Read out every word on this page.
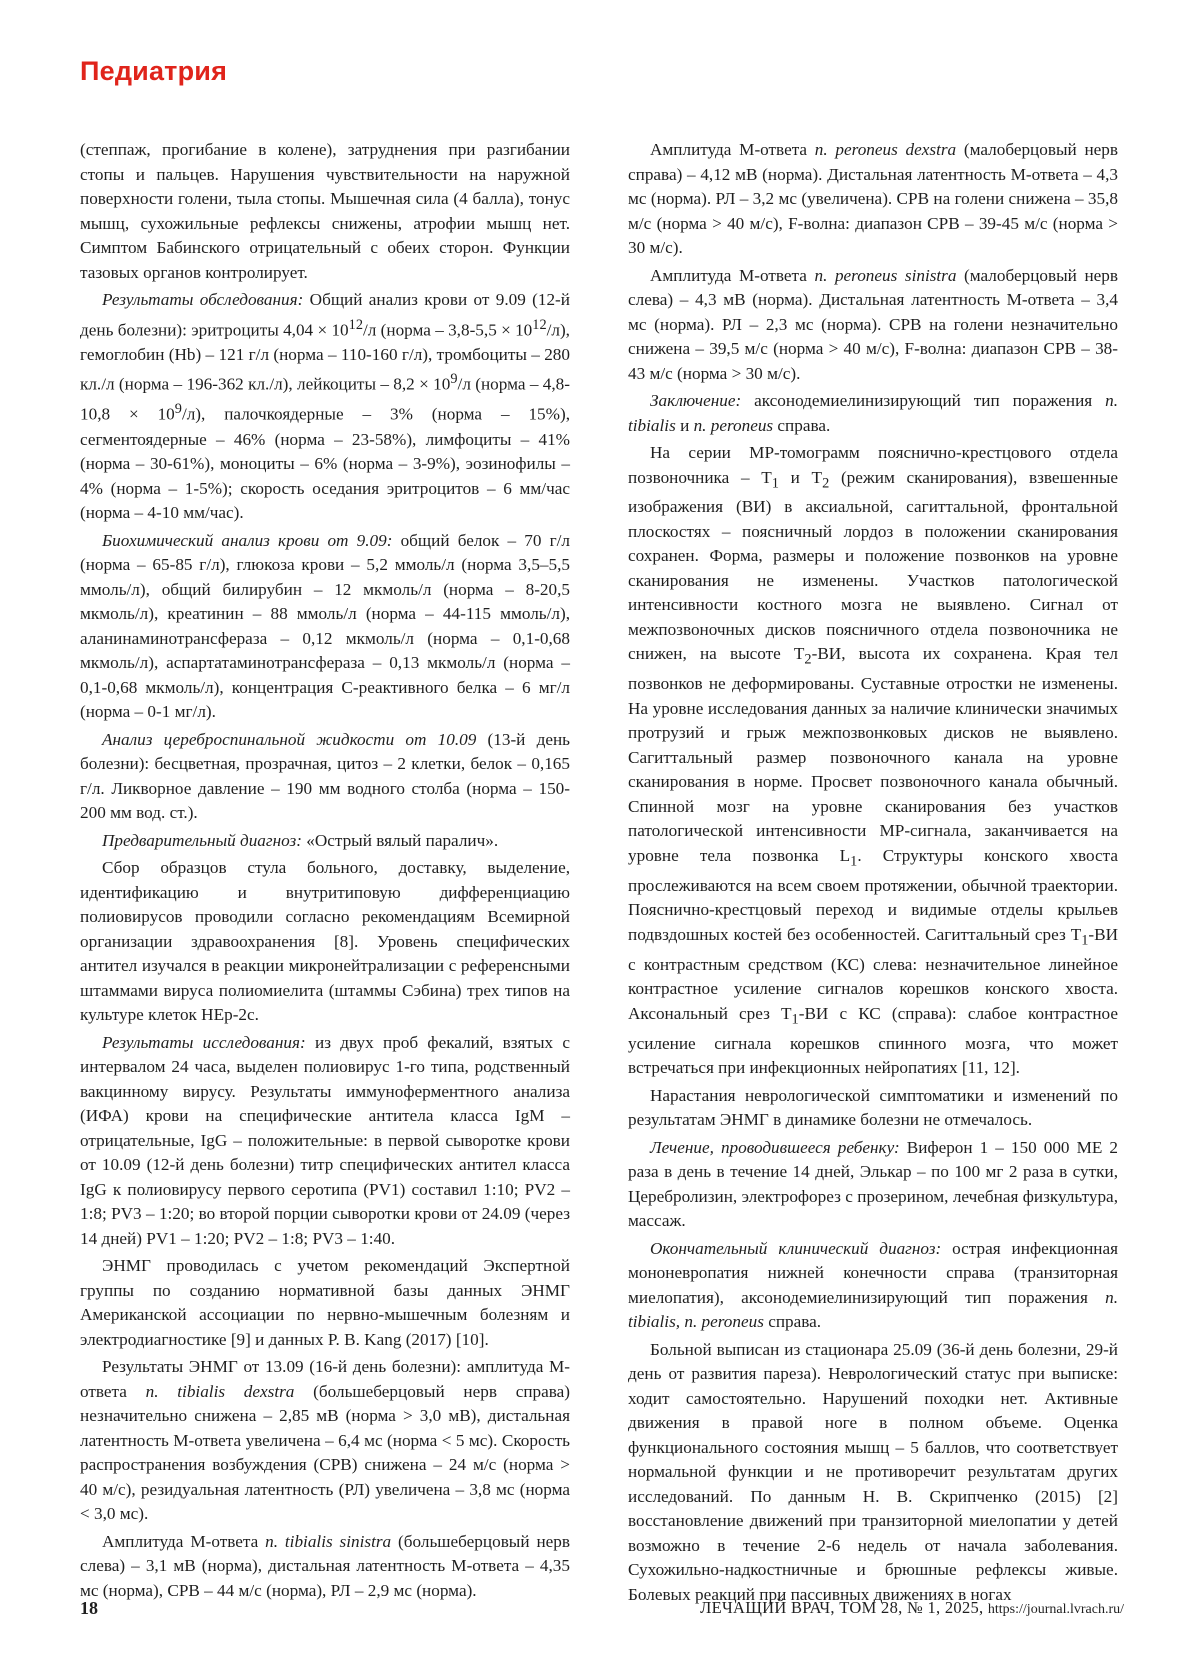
Педиатрия

(степпаж, прогибание в колене), затруднения при разгибании стопы и пальцев. Нарушения чувствительности на наружной поверхности голени, тыла стопы. Мышечная сила (4 балла), тонус мышц, сухожильные рефлексы снижены, атрофии мышц нет. Симптом Бабинского отрицательный с обеих сторон. Функции тазовых органов контролирует.

Результаты обследования: Общий анализ крови от 9.09 (12-й день болезни): эритроциты $4,04 \times 10^{12}/л$ (норма – $3,8-5,5 \times 10^{12}/л$), гемоглобин (Hb) – 121 г/л (норма – 110-160 г/л), тромбоциты – 280 кл./л (норма – 196-362 кл./л), лейкоциты – $8,2 \times 10^9/л$ (норма – $4,8-10,8 \times 10^9/л$), палочкоядерные – 3% (норма – 15%), сегментоядерные – 46% (норма – 23-58%), лимфоциты – 41% (норма – 30-61%), моноциты – 6% (норма – 3-9%), эозинофилы – 4% (норма – 1-5%); скорость оседания эритроцитов – 6 мм/час (норма – 4-10 мм/час).

Биохимический анализ крови от 9.09: общий белок – 70 г/л (норма – 65-85 г/л), глюкоза крови – 5,2 ммоль/л (норма 3,5–5,5 ммоль/л), общий билирубин – 12 мкмоль/л (норма – 8-20,5 мкмоль/л), креатинин – 88 ммоль/л (норма – 44-115 ммоль/л), аланинаминотрансфераза – 0,12 мкмоль/л (норма – 0,1-0,68 мкмоль/л), аспартатаминотрансфераза – 0,13 мкмоль/л (норма – 0,1-0,68 мкмоль/л), концентрация С-реактивного белка – 6 мг/л (норма – 0-1 мг/л).

Анализ цереброспинальной жидкости от 10.09 (13-й день болезни): бесцветная, прозрачная, цитоз – 2 клетки, белок – 0,165 г/л. Ликворное давление – 190 мм водного столба (норма – 150-200 мм вод. ст.).

Предварительный диагноз: «Острый вялый паралич».

Сбор образцов стула больного, доставку, выделение, идентификацию и внутритиповую дифференциацию полиовирусов проводили согласно рекомендациям Всемирной организации здравоохранения [8]. Уровень специфических антител изучался в реакции микронейтрализации с референсными штаммами вируса полиомиелита (штаммы Сэбина) трех типов на культуре клеток НЕр-2с.

Результаты исследования: из двух проб фекалий, взятых с интервалом 24 часа, выделен полиовирус 1-го типа, родственный вакцинному вирусу. Результаты иммуноферментного анализа (ИФА) крови на специфические антитела класса IgM – отрицательные, IgG – положительные: в первой сыворотке крови от 10.09 (12-й день болезни) титр специфических антител класса IgG к полиовирусу первого серотипа (PV1) составил 1:10; PV2 – 1:8; PV3 – 1:20; во второй порции сыворотки крови от 24.09 (через 14 дней) PV1 – 1:20; PV2 – 1:8; PV3 – 1:40.

ЭНМГ проводилась с учетом рекомендаций Экспертной группы по созданию нормативной базы данных ЭНМГ Американской ассоциации по нервно-мышечным болезням и электродиагностике [9] и данных P. B. Kang (2017) [10].

Результаты ЭНМГ от 13.09 (16-й день болезни): амплитуда М-ответа n. tibialis dexstra (большеберцовый нерв справа) незначительно снижена – 2,85 мВ (норма > 3,0 мВ), дистальная латентность М-ответа увеличена – 6,4 мс (норма < 5 мс). Скорость распространения возбуждения (СРВ) снижена – 24 м/с (норма > 40 м/с), резидуальная латентность (РЛ) увеличена – 3,8 мс (норма < 3,0 мс).

Амплитуда М-ответа n. tibialis sinistra (большеберцовый нерв слева) – 3,1 мВ (норма), дистальная латентность М-ответа – 4,35 мс (норма), СРВ – 44 м/с (норма), РЛ – 2,9 мс (норма).

Амплитуда М-ответа n. peroneus dexstra (малоберцовый нерв справа) – 4,12 мВ (норма). Дистальная латентность М-ответа – 4,3 мс (норма). РЛ – 3,2 мс (увеличена). СРВ на голени снижена – 35,8 м/с (норма > 40 м/с), F-волна: диапазон СРВ – 39-45 м/с (норма > 30 м/с).

Амплитуда М-ответа n. peroneus sinistra (малоберцовый нерв слева) – 4,3 мВ (норма). Дистальная латентность М-ответа – 3,4 мс (норма). РЛ – 2,3 мс (норма). СРВ на голени незначительно снижена – 39,5 м/с (норма > 40 м/с), F-волна: диапазон СРВ – 38-43 м/с (норма > 30 м/с).

Заключение: аксонодемиелинизирующий тип поражения n. tibialis и n. peroneus справа.

На серии МР-томограмм пояснично-крестцового отдела позвоночника – $T_1$ и $T_2$ (режим сканирования), взвешенные изображения (ВИ) в аксиальной, сагиттальной, фронтальной плоскостях – поясничный лордоз в положении сканирования сохранен. Форма, размеры и положение позвонков на уровне сканирования не изменены. Участков патологической интенсивности костного мозга не выявлено. Сигнал от межпозвоночных дисков поясничного отдела позвоночника не снижен, на высоте $T_2-ВИ$, высота их сохранена. Края тел позвонков не деформированы. Суставные отростки не изменены. На уровне исследования данных за наличие клинически значимых протрузий и грыж межпозвонковых дисков не выявлено. Сагиттальный размер позвоночного канала на уровне сканирования в норме. Просвет позвоночного канала обычный. Спинной мозг на уровне сканирования без участков патологической интенсивности МР-сигнала, заканчивается на уровне тела позвонка $L_1$. Структуры конского хвоста прослеживаются на всем своем протяжении, обычной траектории. Пояснично-крестцовый переход и видимые отделы крыльев подвздошных костей без особенностей. Сагиттальный срез $T_1-ВИ$ с контрастным средством (КС) слева: незначительное линейное контрастное усиление сигналов корешков конского хвоста. Аксональный срез $T_1-ВИ$ с КС (справа): слабое контрастное усиление сигнала корешков спинного мозга, что может встречаться при инфекционных нейропатиях [11, 12].

Нарастания неврологической симптоматики и изменений по результатам ЭНМГ в динамике болезни не отмечалось.

Лечение, проводившееся ребенку: Виферон 1 – 150 000 МЕ 2 раза в день в течение 14 дней, Элькар – по 100 мг 2 раза в сутки, Церебролизин, электрофорез с прозерином, лечебная физкультура, массаж.

Окончательный клинический диагноз: острая инфекционная мононевропатия нижней конечности справа (транзиторная миелопатия), аксонодемиелинизирующий тип поражения n. tibialis, n. peroneus справа.

Больной выписан из стационара 25.09 (36-й день болезни, 29-й день от развития пареза). Неврологический статус при выписке: ходит самостоятельно. Нарушений походки нет. Активные движения в правой ноге в полном объеме. Оценка функционального состояния мышц – 5 баллов, что соответствует нормальной функции и не противоречит результатам других исследований. По данным Н. В. Скрипченко (2015) [2] восстановление движений при транзиторной миелопатии у детей возможно в течение 2-6 недель от начала заболевания. Сухожильно-надкостничные и брюшные рефлексы живые. Болевых реакций при пассивных движениях в ногах

18	ЛЕЧАЩИЙ ВРАЧ, ТОМ 28, № 1, 2025, https://journal.lvrach.ru/
